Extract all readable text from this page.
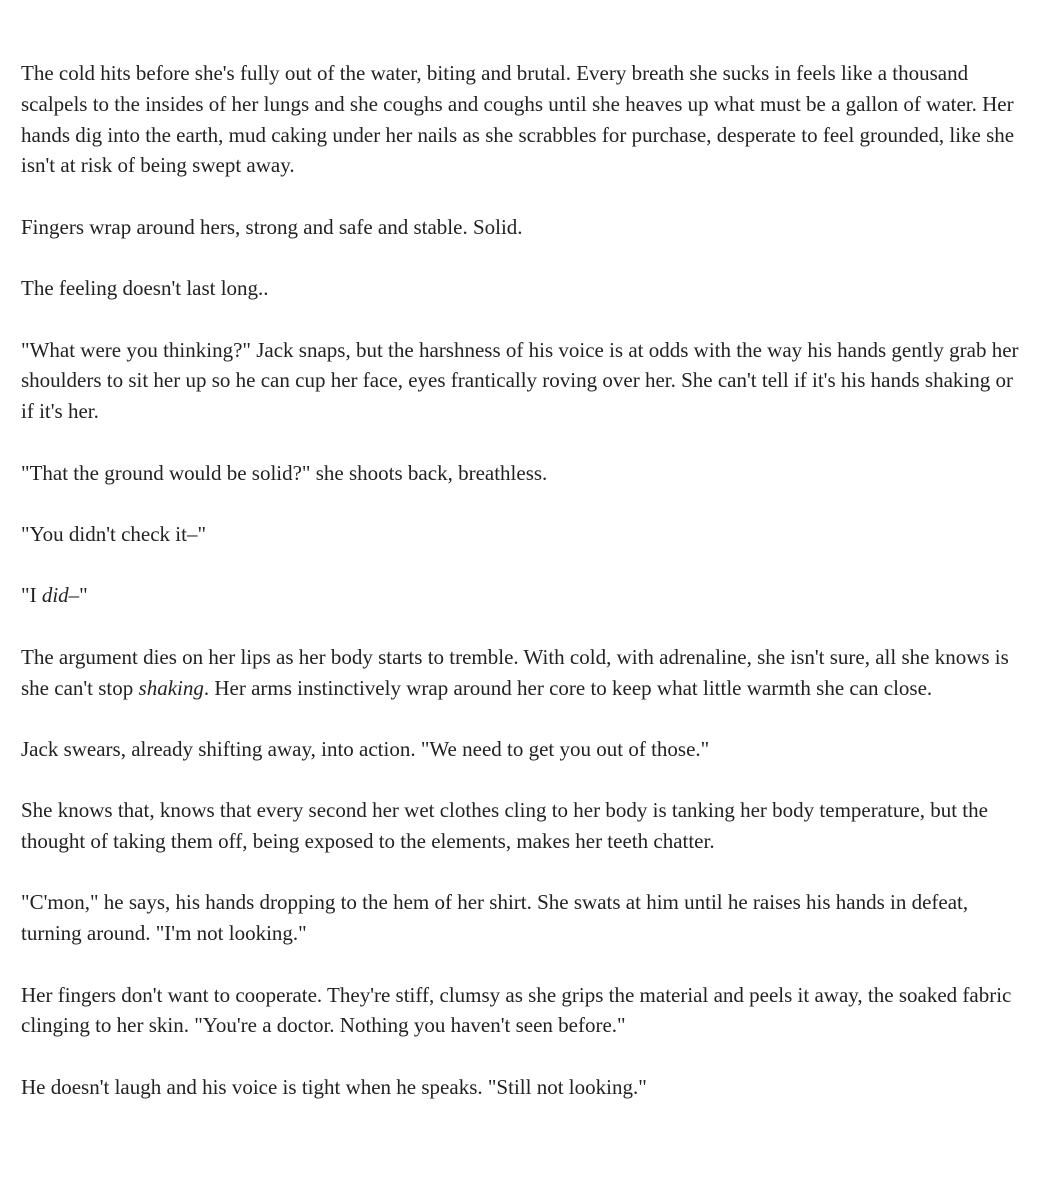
The cold hits before she's fully out of the water, biting and brutal. Every breath she sucks in feels like a thousand scalpels to the insides of her lungs and she coughs and coughs until she heaves up what must be a gallon of water. Her hands dig into the earth, mud caking under her nails as she scrabbles for purchase, desperate to feel grounded, like she isn't at risk of being swept away.

Fingers wrap around hers, strong and safe and stable. Solid.

The feeling doesn't last long..

"What were you thinking?" Jack snaps, but the harshness of his voice is at odds with the way his hands gently grab her shoulders to sit her up so he can cup her face, eyes frantically roving over her. She can't tell if it's his hands shaking or if it's her.

"That the ground would be solid?" she shoots back, breathless.

"You didn't check it–"

"I did–"

The argument dies on her lips as her body starts to tremble. With cold, with adrenaline, she isn't sure, all she knows is she can't stop shaking. Her arms instinctively wrap around her core to keep what little warmth she can close.

Jack swears, already shifting away, into action. "We need to get you out of those."

She knows that, knows that every second her wet clothes cling to her body is tanking her body temperature, but the thought of taking them off, being exposed to the elements, makes her teeth chatter.

"C'mon," he says, his hands dropping to the hem of her shirt. She swats at him until he raises his hands in defeat, turning around. "I'm not looking."

Her fingers don't want to cooperate. They're stiff, clumsy as she grips the material and peels it away, the soaked fabric clinging to her skin. "You're a doctor. Nothing you haven't seen before."

He doesn't laugh and his voice is tight when he speaks. "Still not looking."
